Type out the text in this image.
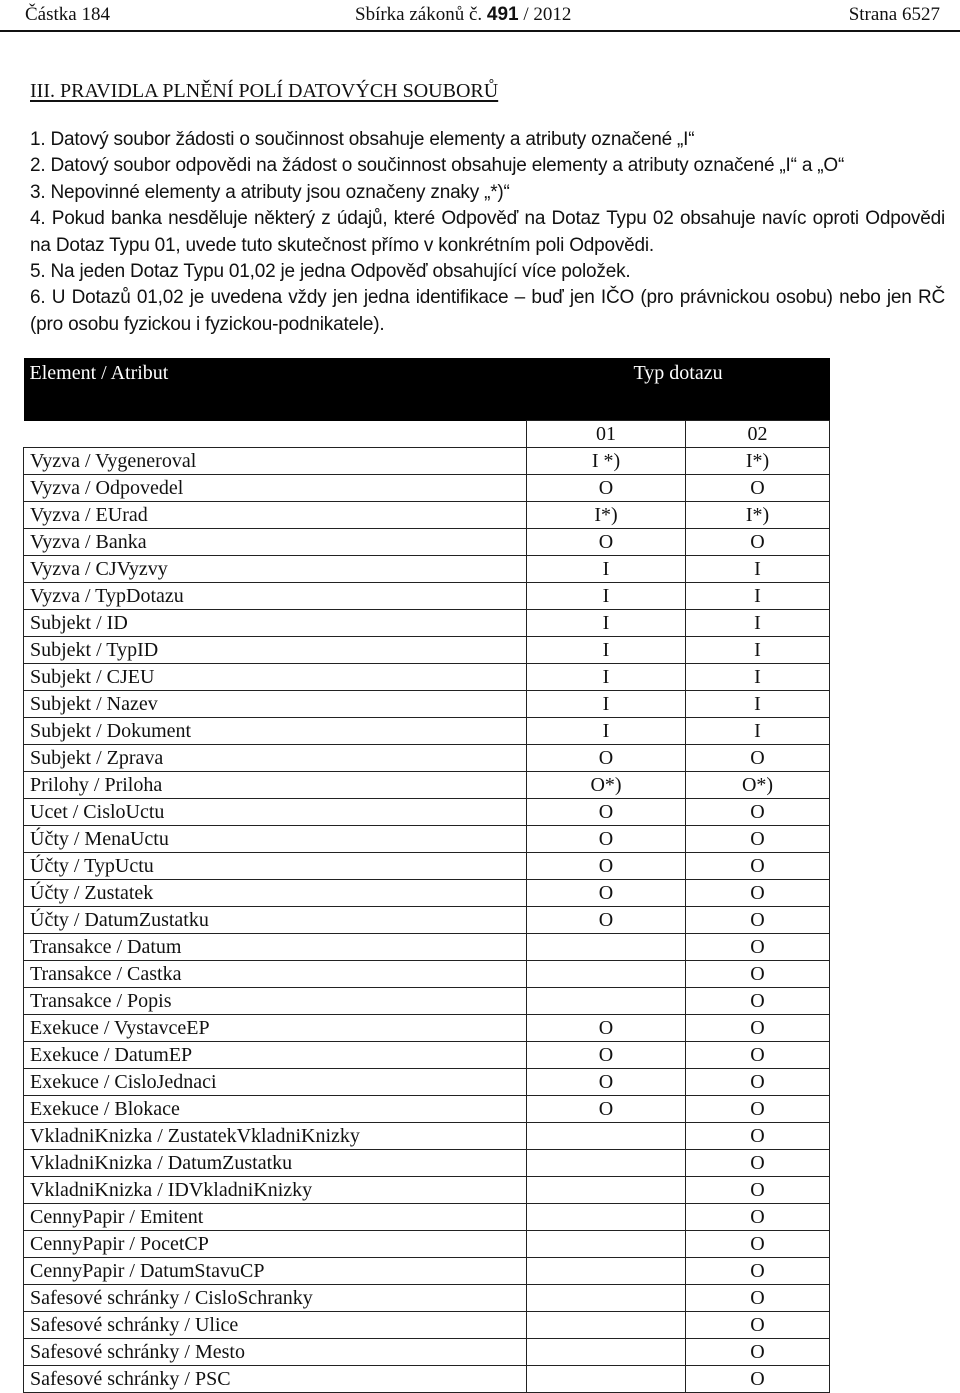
Částka 184	Sbírka zákonů č. 491 / 2012	Strana 6527
III. PRAVIDLA PLNĚNÍ POLÍ DATOVÝCH SOUBORŮ
1. Datový soubor žádosti o součinnost obsahuje elementy a atributy označené „I“
2. Datový soubor odpovědi na žádost o součinnost obsahuje elementy a atributy označené „I“ a „O“
3. Nepovinné elementy a atributy jsou označeny znaky „*)“
4. Pokud banka nesděluje některý z údajů, které Odpověď na Dotaz Typu 02 obsahuje navíc oproti Odpovědi na Dotaz Typu 01, uvede tuto skutečnost přímo v konkrétním poli Odpovědi.
5. Na jeden Dotaz Typu 01,02 je jedna Odpověď obsahující více položek.
6. U Dotazů 01,02 je uvedena vždy jen jedna identifikace – buď jen IČO (pro právnickou osobu) nebo jen RČ (pro osobu fyzickou i fyzickou-podnikatele).
Element / Atribut	Typ dotazu	
	01	02
Vyzva / Vygeneroval	I *)	I*)
Vyzva / Odpovedel	O	O
Vyzva / EUrad	I*)	I*)
Vyzva / Banka	O	O
Vyzva / CJVyzvy	I	I
Vyzva / TypDotazu	I	I
Subjekt / ID	I	I
Subjekt / TypID	I	I
Subjekt / CJEU	I	I
Subjekt / Nazev	I	I
Subjekt / Dokument	I	I
Subjekt / Zprava	O	O
Prilohy / Priloha	O*)	O*)
Ucet / CisloUctu	O	O
Účty / MenaUctu	O	O
Účty / TypUctu	O	O
Účty / Zustatek	O	O
Účty / DatumZustatku	O	O
Transakce / Datum		O
Transakce / Castka		O
Transakce / Popis		O
Exekuce / VystavceEP	O	O
Exekuce / DatumEP	O	O
Exekuce / CisloJednaci	O	O
Exekuce / Blokace	O	O
VkladniKnizka / ZustatekVkladniKnizky		O
VkladniKnizka / DatumZustatku		O
VkladniKnizka / IDVkladniKnizky		O
CennyPapir / Emitent		O
CennyPapir / PocetCP		O
CennyPapir / DatumStavuCP		O
Safesové schránky / CisloSchranky		O
Safesové schránky / Ulice		O
Safesové schránky / Mesto		O
Safesové schránky / PSC		O
